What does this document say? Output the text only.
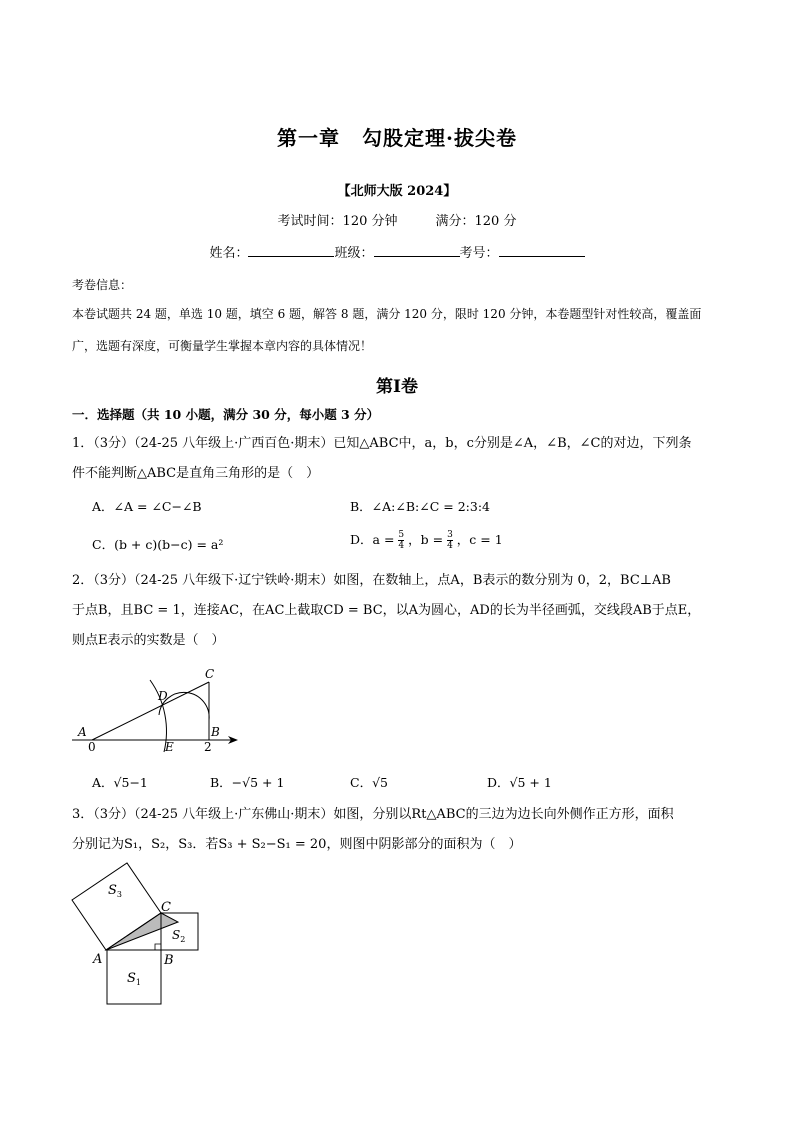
第一章 勾股定理·拔尖卷
【北师大版 2024】
考试时间：120 分钟	满分：120 分
姓名：	班级：	考号：
考卷信息：
本卷试题共 24 题，单选 10 题，填空 6 题，解答 8 题，满分 120 分，限时 120 分钟，本卷题型针对性较高，覆盖面广，选题有深度，可衡量学生掌握本章内容的具体情况！
第Ⅰ卷
一．选择题（共 10 小题，满分 30 分，每小题 3 分）
1．（3分）（24-25 八年级上·广西百色·期末）已知△ABC中，a，b，c分别是∠A，∠B，∠C的对边，下列条
件不能判断△ABC是直角三角形的是（　）
A．∠A = ∠C−∠B	B．∠A:∠B:∠C = 2:3:4
C．(b + c)(b−c) = a²	D．$a = \frac{5}{4}$ ，$b = \frac{3}{4}$ ，c = 1
2．（3分）（24-25 八年级下·辽宁铁岭·期末）如图，在数轴上，点A，B表示的数分别为 0，2，BC⊥AB
于点B，且BC = 1，连接AC，在AC上截取CD = BC，以A为圆心，AD的长为半径画弧，交线段AB于点E，
则点E表示的实数是（　）
A
0
D
C
B
2
E
A．√5−1	B．−√5 + 1	C．√5	D．√5 + 1
3．（3分）（24-25 八年级上·广东佛山·期末）如图，分别以Rt△ABC的三边为边长向外侧作正方形，面积
分别记为S₁，S₂，S₃．若S₃ + S₂−S₁ = 20，则图中阴影部分的面积为（　）
A	B
C
$S_3$
$S_2$
$S_1$
